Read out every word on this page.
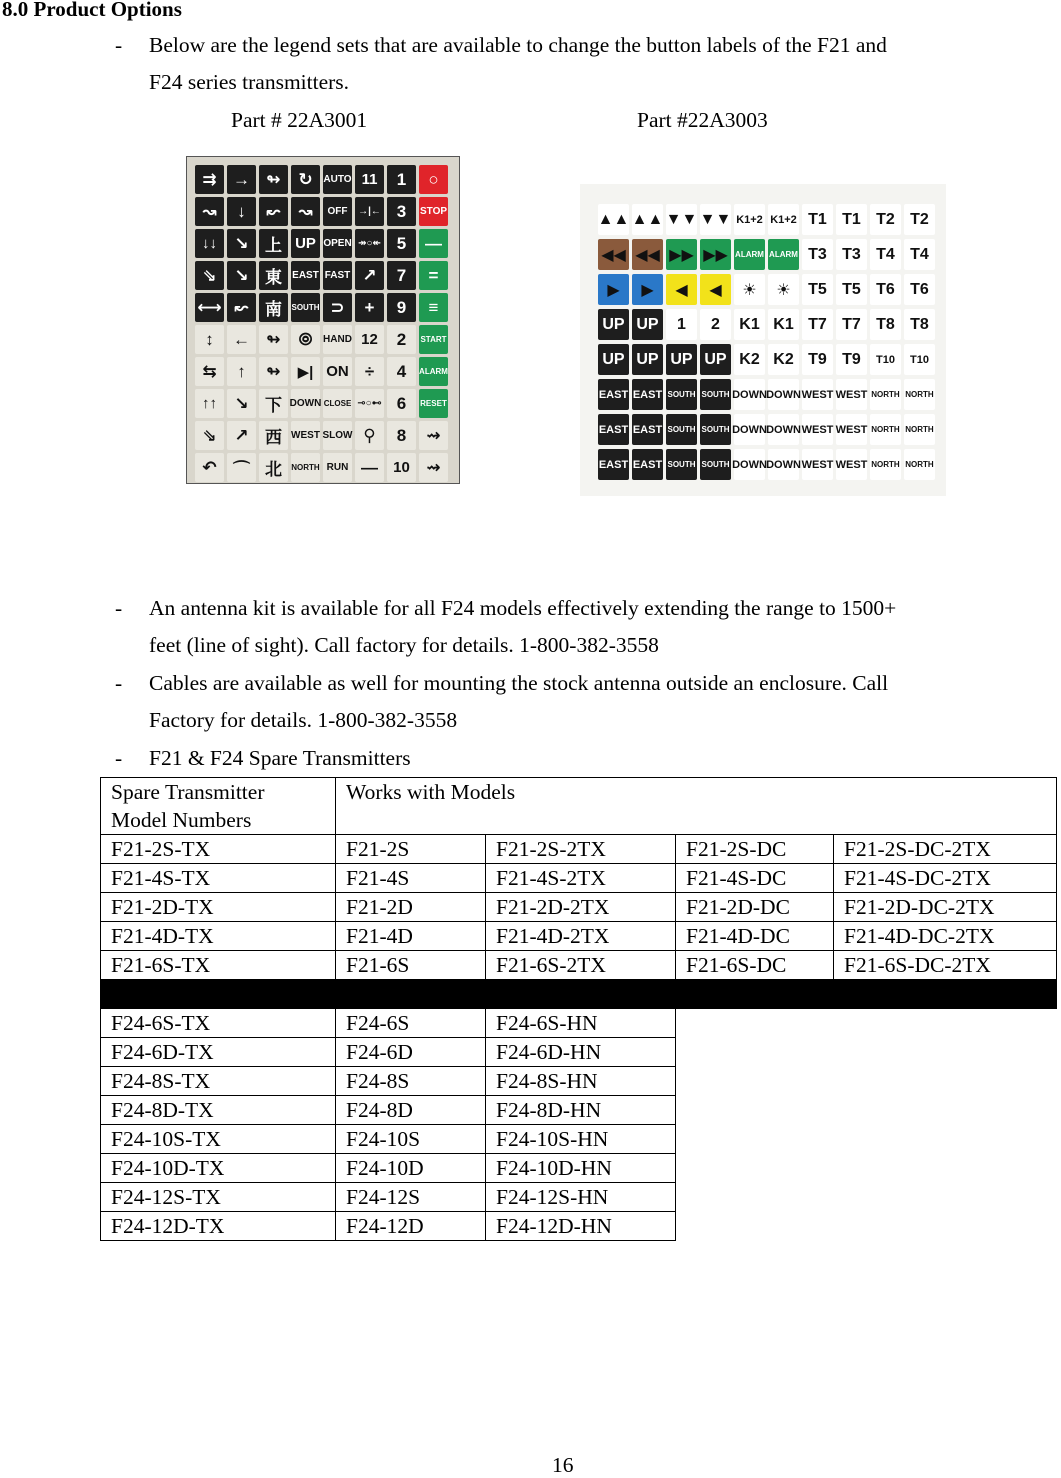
8.0 Product Options
- Below are the legend sets that are available to change the button labels of the F21 and
F24 series transmitters.
Part # 22A3001	Part #22A3003
⇉ → ↬	↻	AUTO 11	1	○
↝	↓	↜	↝	OFF	→|← 3	STOP
↓↓	↘ 上 UP OPEN ↠○↞ 5	—
⇘	↘ 東	EAST FAST ↗	7	=
⟷ ↜ 南	SOUTH ⊃	+	9	≡
↕	← ↬	⦾	HAND 12	2	START
⇆	↑	↬	▶| ON ÷	4	ALARM
↑↑	↘ 下 DOWN CLOSE ⊸○⊷ 6	RESET
⇘	↗ 西 WEST SLOW ⚲	8	⇝
↶ ⌒ 北	NORTH RUN —	10 ⇝
▲▲ ▲▲ ▼▼ ▼▼ K1+2 K1+2 T1 T1 T2 T2
◀◀ ◀◀ ▶▶ ▶▶ ALARM ALARM T3 T3 T4 T4
▶	▶	◀	◀	☀	☀	T5 T5 T6 T6
UP UP	1	2	K1 K1 T7 T7 T8 T8
UP UP UP UP K2 K2 T9 T9	T10	T10
EAST EAST SOUTH SOUTH DOWN DOWN WEST WEST NORTH NORTH
EAST EAST SOUTH SOUTH DOWN DOWN WEST WEST NORTH NORTH
EAST EAST SOUTH SOUTH DOWN DOWN WEST WEST NORTH NORTH
- An antenna kit is available for all F24 models effectively extending the range to 1500+
feet (line of sight). Call factory for details. 1-800-382-3558
- Cables are available as well for mounting the stock antenna outside an enclosure. Call
Factory for details. 1-800-382-3558
- F21 & F24 Spare Transmitters
Spare Transmitter Model Numbers	Works with Models			
F21-2S-TX	F21-2S	F21-2S-2TX	F21-2S-DC	F21-2S-DC-2TX
F21-4S-TX	F21-4S	F21-4S-2TX	F21-4S-DC	F21-4S-DC-2TX
F21-2D-TX	F21-2D	F21-2D-2TX	F21-2D-DC	F21-2D-DC-2TX
F21-4D-TX	F21-4D	F21-4D-2TX	F21-4D-DC	F21-4D-DC-2TX
F21-6S-TX	F21-6S	F21-6S-2TX	F21-6S-DC	F21-6S-DC-2TX

F24-6S-TX	F24-6S	F24-6S-HN		
F24-6D-TX	F24-6D	F24-6D-HN		
F24-8S-TX	F24-8S	F24-8S-HN		
F24-8D-TX	F24-8D	F24-8D-HN		
F24-10S-TX	F24-10S	F24-10S-HN		
F24-10D-TX	F24-10D	F24-10D-HN		
F24-12S-TX	F24-12S	F24-12S-HN		
F24-12D-TX	F24-12D	F24-12D-HN		
16
